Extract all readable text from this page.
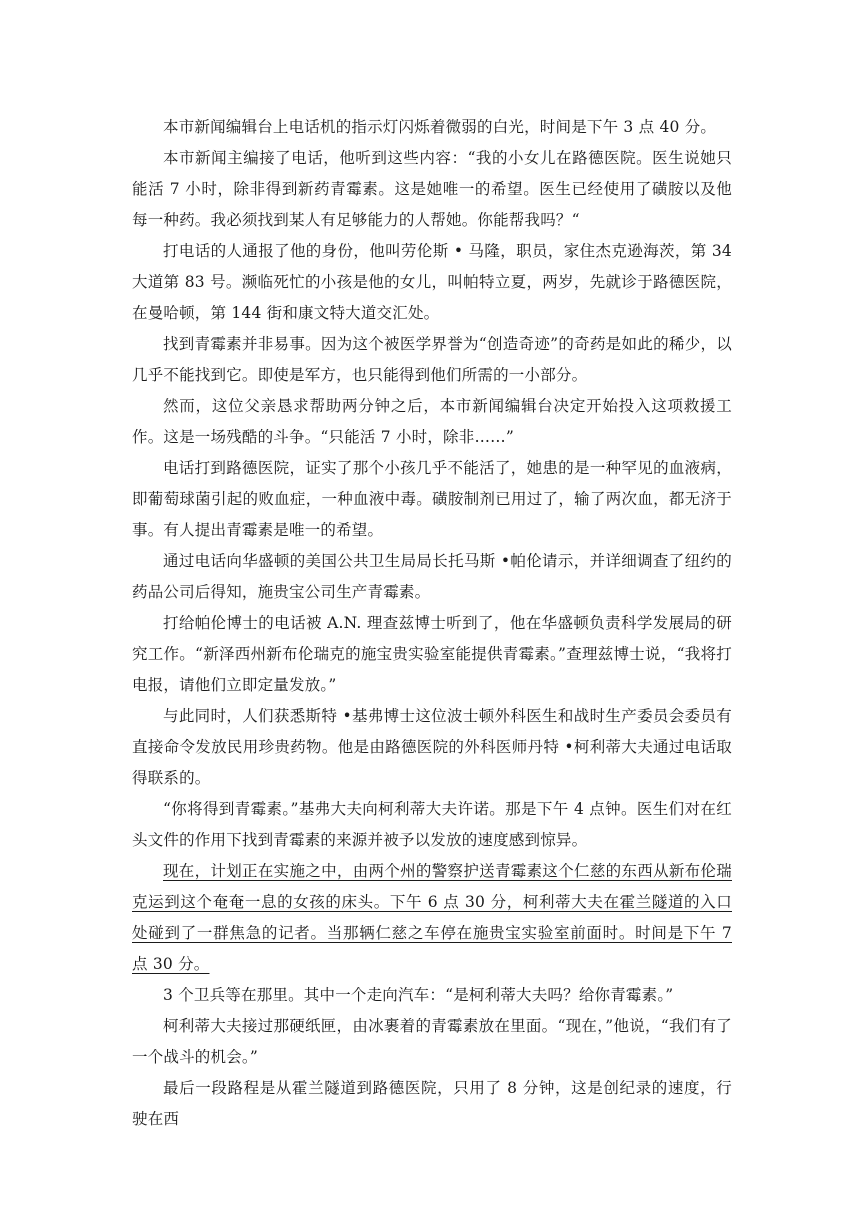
本市新闻编辑台上电话机的指示灯闪烁着微弱的白光，时间是下午 3 点 40 分。

本市新闻主编接了电话，他听到这些内容：“我的小女儿在路德医院。医生说她只能活 7 小时，除非得到新药青霉素。这是她唯一的希望。医生已经使用了磺胺以及他每一种药。我必须找到某人有足够能力的人帮她。你能帮我吗？“

打电话的人通报了他的身份，他叫劳伦斯 • 马隆，职员，家住杰克逊海茨，第 34 大道第 83 号。濒临死忙的小孩是他的女儿，叫帕特立夏，两岁，先就诊于路德医院，在曼哈顿，第 144 街和康文特大道交汇处。

找到青霉素并非易事。因为这个被医学界誉为“创造奇迹”的奇药是如此的稀少，以几乎不能找到它。即使是军方，也只能得到他们所需的一小部分。

然而，这位父亲恳求帮助两分钟之后，本市新闻编辑台决定开始投入这项救援工作。这是一场残酷的斗争。“只能活 7 小时，除非……”

电话打到路德医院，证实了那个小孩几乎不能活了，她患的是一种罕见的血液病，即葡萄球菌引起的败血症，一种血液中毒。磺胺制剂已用过了，输了两次血，都无济于事。有人提出青霉素是唯一的希望。

通过电话向华盛顿的美国公共卫生局局长托马斯 •帕伦请示，并详细调查了纽约的药品公司后得知，施贵宝公司生产青霉素。

打给帕伦博士的电话被 A.N. 理查兹博士听到了，他在华盛顿负责科学发展局的研究工作。“新泽西州新布伦瑞克的施宝贵实验室能提供青霉素。”查理兹博士说，“我将打电报，请他们立即定量发放。”

与此同时，人们获悉斯特 •基弗博士这位波士顿外科医生和战时生产委员会委员有直接命令发放民用珍贵药物。他是由路德医院的外科医师丹特 •柯利蒂大夫通过电话取得联系的。

“你将得到青霉素。”基弗大夫向柯利蒂大夫许诺。那是下午 4 点钟。医生们对在红头文件的作用下找到青霉素的来源并被予以发放的速度感到惊异。

现在，计划正在实施之中，由两个州的警察护送青霉素这个仁慈的东西从新布伦瑞克运到这个奄奄一息的女孩的床头。下午 6 点 30 分，柯利蒂大夫在霍兰隧道的入口处碰到了一群焦急的记者。当那辆仁慈之车停在施贵宝实验室前面时。时间是下午 7 点 30 分。

3 个卫兵等在那里。其中一个走向汽车：“是柯利蒂大夫吗？给你青霉素。”

柯利蒂大夫接过那硬纸匣，由冰裹着的青霉素放在里面。“现在，”他说，“我们有了一个战斗的机会。”

最后一段路程是从霍兰隧道到路德医院，只用了 8 分钟，这是创纪录的速度，行驶在西
